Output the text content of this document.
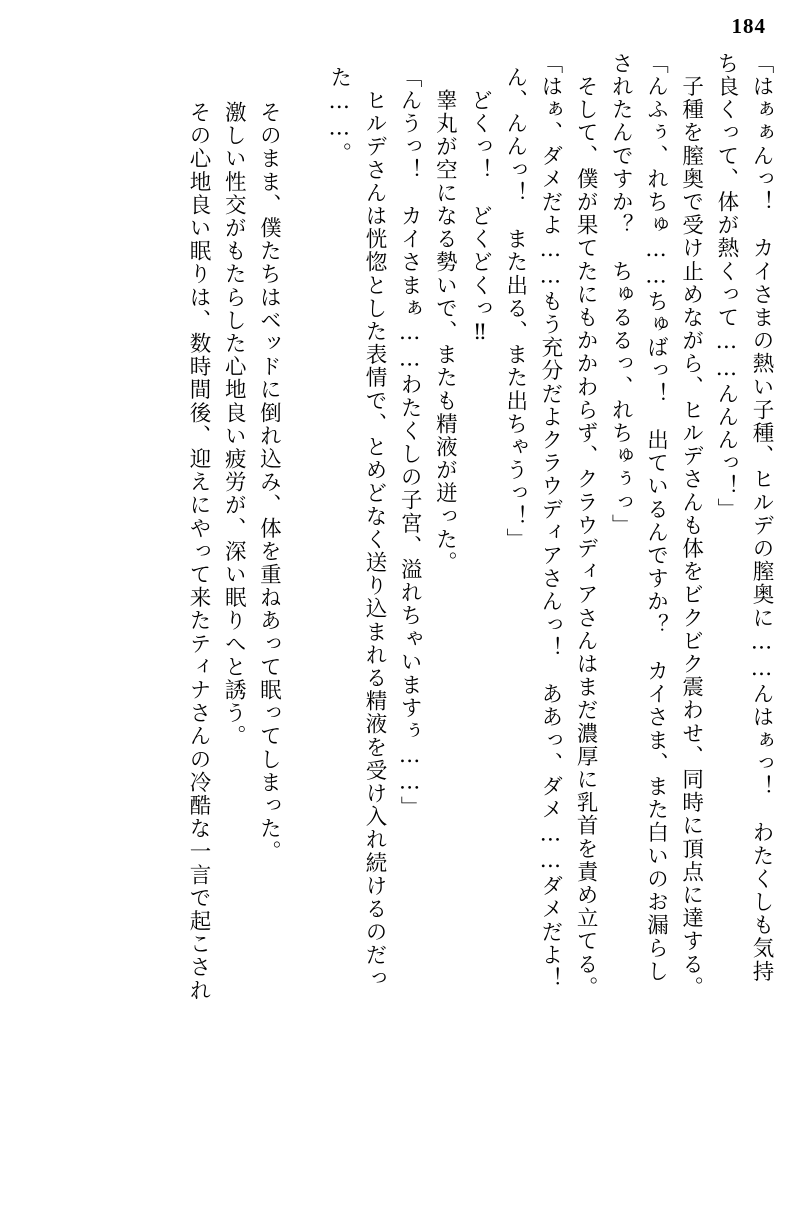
184
「はぁぁんっ！　カイさまの熱い子種、ヒルデの膣奥に……んはぁっ！　わたくしも気持
ち良くって、体が熱くって……んんんっ！」
　子種を膣奥で受け止めながら、ヒルデさんも体をビクビク震わせ、同時に頂点に達する。
「んふぅ、れちゅ……ちゅばっ！　出ているんですか？　カイさま、また白いのお漏らし
されたんですか？　ちゅるるっ、れちゅぅっ」
　そして、僕が果てたにもかかわらず、クラウディアさんはまだ濃厚に乳首を責め立てる。
「はぁ、ダメだよ……もう充分だよクラウディアさんっ！　ああっ、ダメ……ダメだよ！
ん、んんっ！　また出る、また出ちゃうっ！」
　どくっ！　どくどくっ‼
　睾丸が空になる勢いで、またも精液が迸った。
「んうっ！　カイさまぁ……わたくしの子宮、溢れちゃいますぅ……」
　ヒルデさんは恍惚とした表情で、とめどなく送り込まれる精液を受け入れ続けるのだっ
た……。
　そのまま、僕たちはベッドに倒れ込み、体を重ねあって眠ってしまった。
　激しい性交がもたらした心地良い疲労が、深い眠りへと誘う。
　その心地良い眠りは、数時間後、迎えにやって来たティナさんの冷酷な一言で起こされ
